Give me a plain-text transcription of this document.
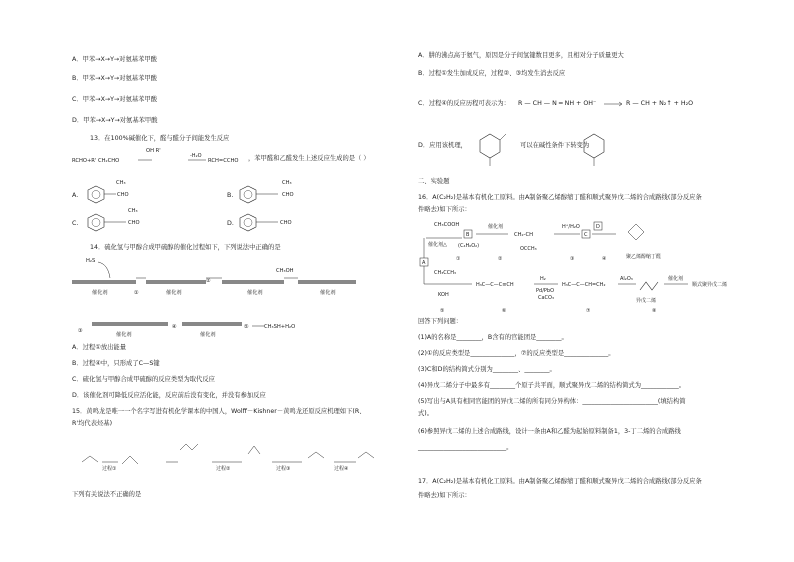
A．甲苯→X→Y→对氨基苯甲酸
B．甲苯→X→Y→对氨基苯甲酸
C．甲苯→X→Y→对氨基苯甲酸
D．甲苯→X→Y→对氨基苯甲酸
13．在100%碱催化下，醛与醛分子间能发生反应
RCHO+R' CH₂CHO
OH R'
-H₂O
RCH=CCHO ，苯甲醛和乙醛发生上述反应生成的是（ ）
A.
CH₃
CHO	B.
CH₃
CHO
C.
CH₃
CHO	D.	CHO
14．硫化氢与甲醇合成甲硫醇的催化过程如下，下列说法中正确的是
H₂S
催化剂	①	催化剂
②
催化剂
CH₃OH
催化剂
③
催化剂
④
催化剂
⑤	CH₃SH+H₂O
A．过程①放出能量
B．过程④中，只形成了C—S键
C．硫化氢与甲醇合成甲硫醇的反应类型为取代反应
D．该催化剂可降低反应活化能，反应前后没有变化，并没有参加反应
15．黄鸣龙是唯一一个名字写进有机化学课本的中国人，Wolff－Kishner－黄鸣龙还原反应机理如下(R、
R'均代表烃基)
过程①	过程②	过程③	过程④
下列有关说法不正确的是
A．肼的沸点高于氨气，原因是分子间氢键数目更多，且相对分子质量更大
B．过程①发生加成反应，过程②、③均发生消去反应
C．过程④的反应历程可表示为： R — CH — N ═ NH + OH⁻	R — CH + N₂↑ + H₂O
D．应用该机理，	可以在碱性条件下转变为
二、实验题
16．A(C₂H₂)是基本有机化工原料。由A制备聚乙烯醇缩丁醛和顺式聚异戊二烯的合成路线(部分反应条
件略去)如下所示：
CH₃COOH
催化剂△ (C₄H₆O₂)
B
①
催化剂
CH₂-CH
OCCH₃
②
H⁺/H₂O
C
③
D
④	聚乙烯醇缩丁醛
A
CH₃CCH₃
KOH
⑤
H₃C—C—C≡CH
⑥
H₂
Pd/PbO
CaCO₃
H₃C—C—CH=CH₂
⑦
Al₂O₃
异戊二烯
⑧
催化剂
顺式聚异戊二烯
回答下列问题：
(1)A的名称是________，B含有的官能团是________。
(2)①的反应类型是______________，⑦的反应类型是______________。
(3)C和D的结构简式分别为________、________。
(4)异戊二烯分子中最多有________个原子共平面，顺式聚异戊二烯的结构简式为____________。
(5)写出与A具有相同官能团的异戊二烯的所有同分异构体：________________________(填结构简
式)。
(6)参照异戊二烯的上述合成路线，设计一条由A和乙醛为起始原料制备1，3-丁二烯的合成路线
____________________________。
17．A(C₂H₂)是基本有机化工原料。由A制备聚乙烯醇缩丁醛和顺式聚异戊二烯的合成路线(部分反应条
件略去)如下所示：
